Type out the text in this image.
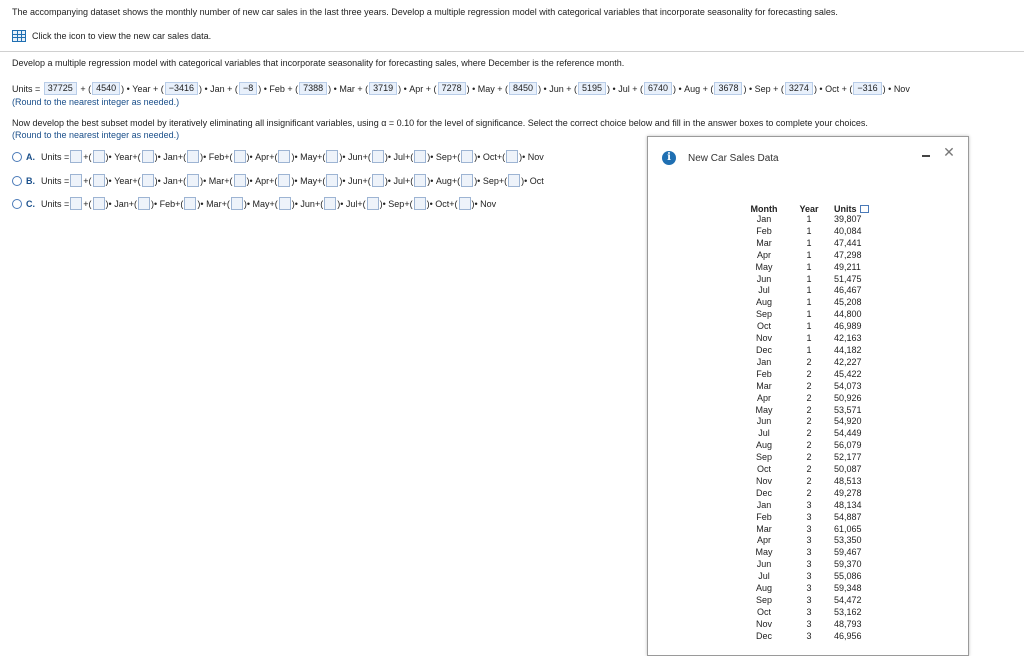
The accompanying dataset shows the monthly number of new car sales in the last three years. Develop a multiple regression model with categorical variables that incorporate seasonality for forecasting sales.
Click the icon to view the new car sales data.
Develop a multiple regression model with categorical variables that incorporate seasonality for forecasting sales, where December is the reference month.
Units =
37725 + ( 4540 ) • Year + ( −3416 ) • Jan + ( −8 ) • Feb + ( 7388 ) • Mar + ( 3719 ) • Apr + ( 7278 ) • May + ( 8450 ) • Jun + ( 5195 ) • Jul + ( 6740 ) • Aug + ( 3678 ) • Sep + ( 3274 ) • Oct + ( −316 ) • Nov
(Round to the nearest integer as needed.)
Now develop the best subset model by iteratively eliminating all insignificant variables, using α = 0.10 for the level of significance. Select the correct choice below and fill in the answer boxes to complete your choices.
(Round to the nearest integer as needed.)
A. Units = +( )• Year +( )• Jan +( )• Feb +( )• Apr +( )• May +( )• Jun +( )• Jul +( )• Sep +( )• Oct +( )• Nov
B. Units = +( )• Year +( )• Jan +( )• Mar +( )• Apr +( )• May +( )• Jun +( )• Jul +( )• Aug +( )• Sep +( )• Oct
C. Units = +( )• Jan +( )• Feb +( )• Mar +( )• May +( )• Jun +( )• Jul +( )• Sep +( )• Oct +( )• Nov
i	New Car Sales Data	✕
Month	Year	Units
Jan	1	39,807
Feb	1	40,084
Mar	1	47,441
Apr	1	47,298
May	1	49,211
Jun	1	51,475
Jul	1	46,467
Aug	1	45,208
Sep	1	44,800
Oct	1	46,989
Nov	1	42,163
Dec	1	44,182
Jan	2	42,227
Feb	2	45,422
Mar	2	54,073
Apr	2	50,926
May	2	53,571
Jun	2	54,920
Jul	2	54,449
Aug	2	56,079
Sep	2	52,177
Oct	2	50,087
Nov	2	48,513
Dec	2	49,278
Jan	3	48,134
Feb	3	54,887
Mar	3	61,065
Apr	3	53,350
May	3	59,467
Jun	3	59,370
Jul	3	55,086
Aug	3	59,348
Sep	3	54,472
Oct	3	53,162
Nov	3	48,793
Dec	3	46,956
